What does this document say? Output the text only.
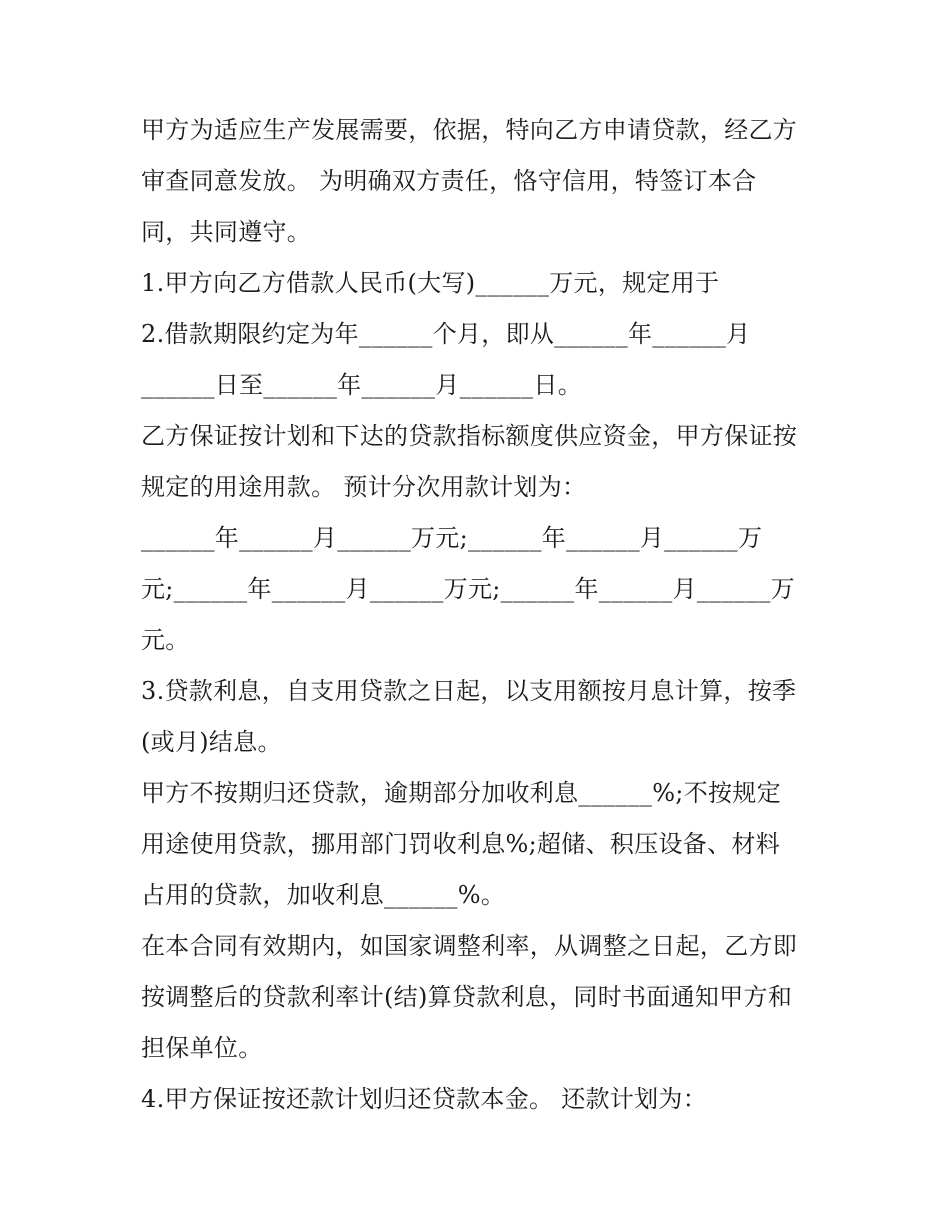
甲方为适应生产发展需要，依据，特向乙方申请贷款，经乙方
审查同意发放。 为明确双方责任，恪守信用，特签订本合
同，共同遵守。
1.甲方向乙方借款人民币(大写)______万元，规定用于
2.借款期限约定为年______个月，即从______年______月
______日至______年______月______日。
乙方保证按计划和下达的贷款指标额度供应资金，甲方保证按
规定的用途用款。 预计分次用款计划为：
______年______月______万元;______年______月______万
元;______年______月______万元;______年______月______万
元。
3.贷款利息，自支用贷款之日起，以支用额按月息计算，按季
(或月)结息。
甲方不按期归还贷款，逾期部分加收利息______%;不按规定
用途使用贷款，挪用部门罚收利息%;超储、积压设备、材料
占用的贷款，加收利息______%。
在本合同有效期内，如国家调整利率，从调整之日起，乙方即
按调整后的贷款利率计(结)算贷款利息，同时书面通知甲方和
担保单位。
4.甲方保证按还款计划归还贷款本金。 还款计划为：
